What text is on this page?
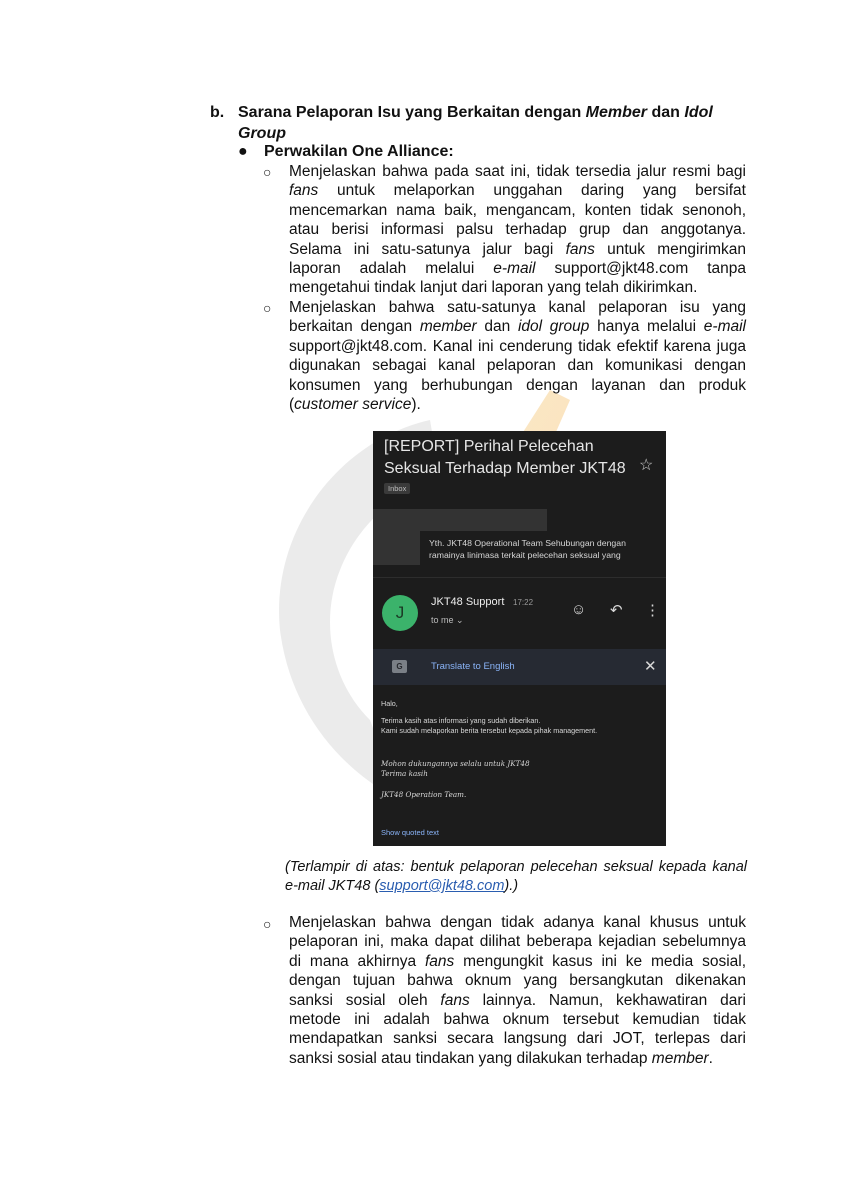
b. Sarana Pelaporan Isu yang Berkaitan dengan Member dan Idol
Group
● Perwakilan One Alliance:
○ Menjelaskan bahwa pada saat ini, tidak tersedia jalur resmi bagi
fans untuk melaporkan unggahan daring yang bersifat
mencemarkan nama baik, mengancam, konten tidak senonoh,
atau berisi informasi palsu terhadap grup dan anggotanya.
Selama ini satu-satunya jalur bagi fans untuk mengirimkan
laporan adalah melalui e-mail support@jkt48.com tanpa
mengetahui tindak lanjut dari laporan yang telah dikirimkan.
○ Menjelaskan bahwa satu-satunya kanal pelaporan isu yang
berkaitan dengan member dan idol group hanya melalui e-mail
support@jkt48.com. Kanal ini cenderung tidak efektif karena juga
digunakan sebagai kanal pelaporan dan komunikasi dengan
konsumen yang berhubungan dengan layanan dan produk
(customer service).
[REPORT] Perihal Pelecehan
Seksual Terhadap Member JKT48 ☆
Inbox
Yth. JKT48 Operational Team Sehubungan dengan
ramainya linimasa terkait pelecehan seksual yang
J
JKT48 Support 17:22
to me ⌄
☺ ↶ ⋮
G	Translate to English	✕
Halo,
Terima kasih atas informasi yang sudah diberikan.
Kami sudah melaporkan berita tersebut kepada pihak management.
Mohon dukungannya selalu untuk JKT48
Terima kasih
JKT48 Operation Team.
Show quoted text
(Terlampir di atas: bentuk pelaporan pelecehan seksual kepada kanal
e-mail JKT48 (support@jkt48.com).)
○ Menjelaskan bahwa dengan tidak adanya kanal khusus untuk
pelaporan ini, maka dapat dilihat beberapa kejadian sebelumnya
di mana akhirnya fans mengungkit kasus ini ke media sosial,
dengan tujuan bahwa oknum yang bersangkutan dikenakan
sanksi sosial oleh fans lainnya. Namun, kekhawatiran dari
metode ini adalah bahwa oknum tersebut kemudian tidak
mendapatkan sanksi secara langsung dari JOT, terlepas dari
sanksi sosial atau tindakan yang dilakukan terhadap member.
